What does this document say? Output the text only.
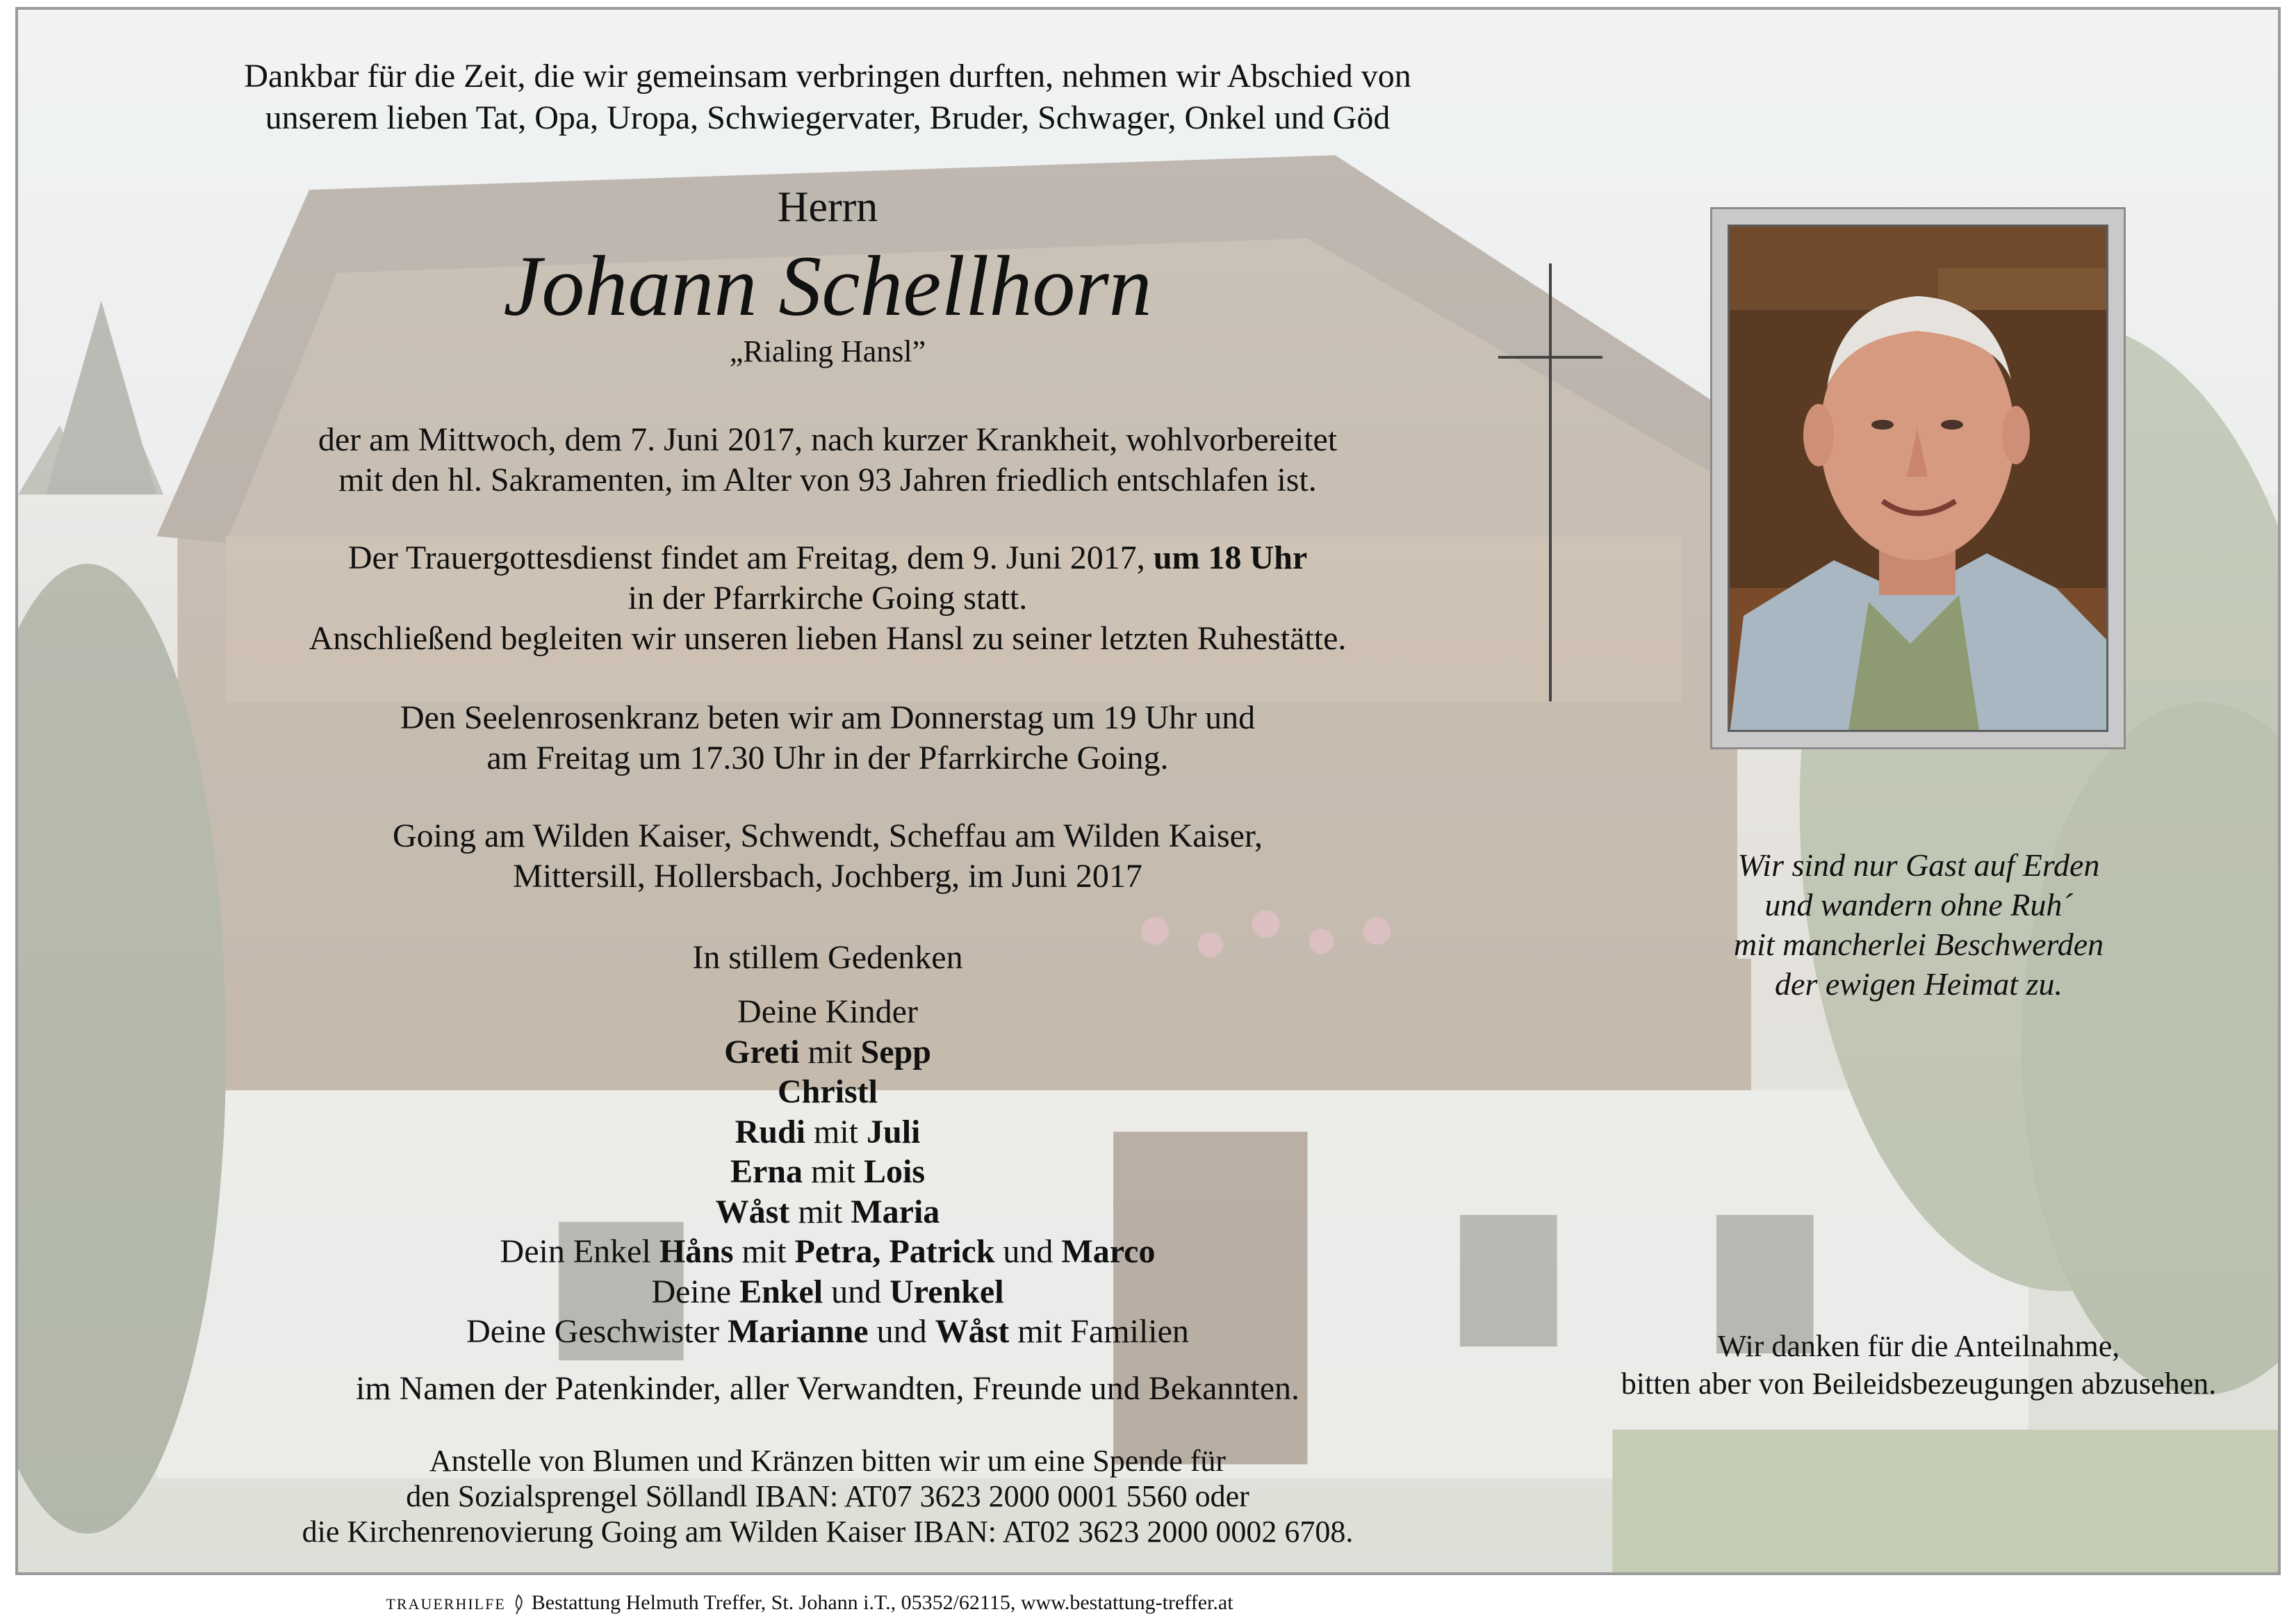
Dankbar für die Zeit, die wir gemeinsam verbringen durften, nehmen wir Abschied von
unserem lieben Tat, Opa, Uropa, Schwiegervater, Bruder, Schwager, Onkel und Göd
Herrn
Johann Schellhorn
„Rialing Hansl”
der am Mittwoch, dem 7. Juni 2017, nach kurzer Krankheit, wohlvorbereitet
mit den hl. Sakramenten, im Alter von 93 Jahren friedlich entschlafen ist.
Der Trauergottesdienst findet am Freitag, dem 9. Juni 2017, um 18 Uhr
in der Pfarrkirche Going statt.
Anschließend begleiten wir unseren lieben Hansl zu seiner letzten Ruhestätte.
Den Seelenrosenkranz beten wir am Donnerstag um 19 Uhr und
am Freitag um 17.30 Uhr in der Pfarrkirche Going.
Going am Wilden Kaiser, Schwendt, Scheffau am Wilden Kaiser,
Mittersill, Hollersbach, Jochberg, im Juni 2017
In stillem Gedenken
Deine Kinder
Greti mit Sepp
Christl
Rudi mit Juli
Erna mit Lois
Wåst mit Maria
Dein Enkel Håns mit Petra, Patrick und Marco
Deine Enkel und Urenkel
Deine Geschwister Marianne und Wåst mit Familien
im Namen der Patenkinder, aller Verwandten, Freunde und Bekannten.
Anstelle von Blumen und Kränzen bitten wir um eine Spende für
den Sozialsprengel Söllandl IBAN: AT07 3623 2000 0001 5560 oder
die Kirchenrenovierung Going am Wilden Kaiser IBAN: AT02 3623 2000 0002 6708.
Wir sind nur Gast auf Erden
und wandern ohne Ruh´
mit mancherlei Beschwerden
der ewigen Heimat zu.
Wir danken für die Anteilnahme,
bitten aber von Beileidsbezeugungen abzusehen.
TRAUERHILFE Bestattung Helmuth Treffer, St. Johann i.T., 05352/62115, www.bestattung-treffer.at
